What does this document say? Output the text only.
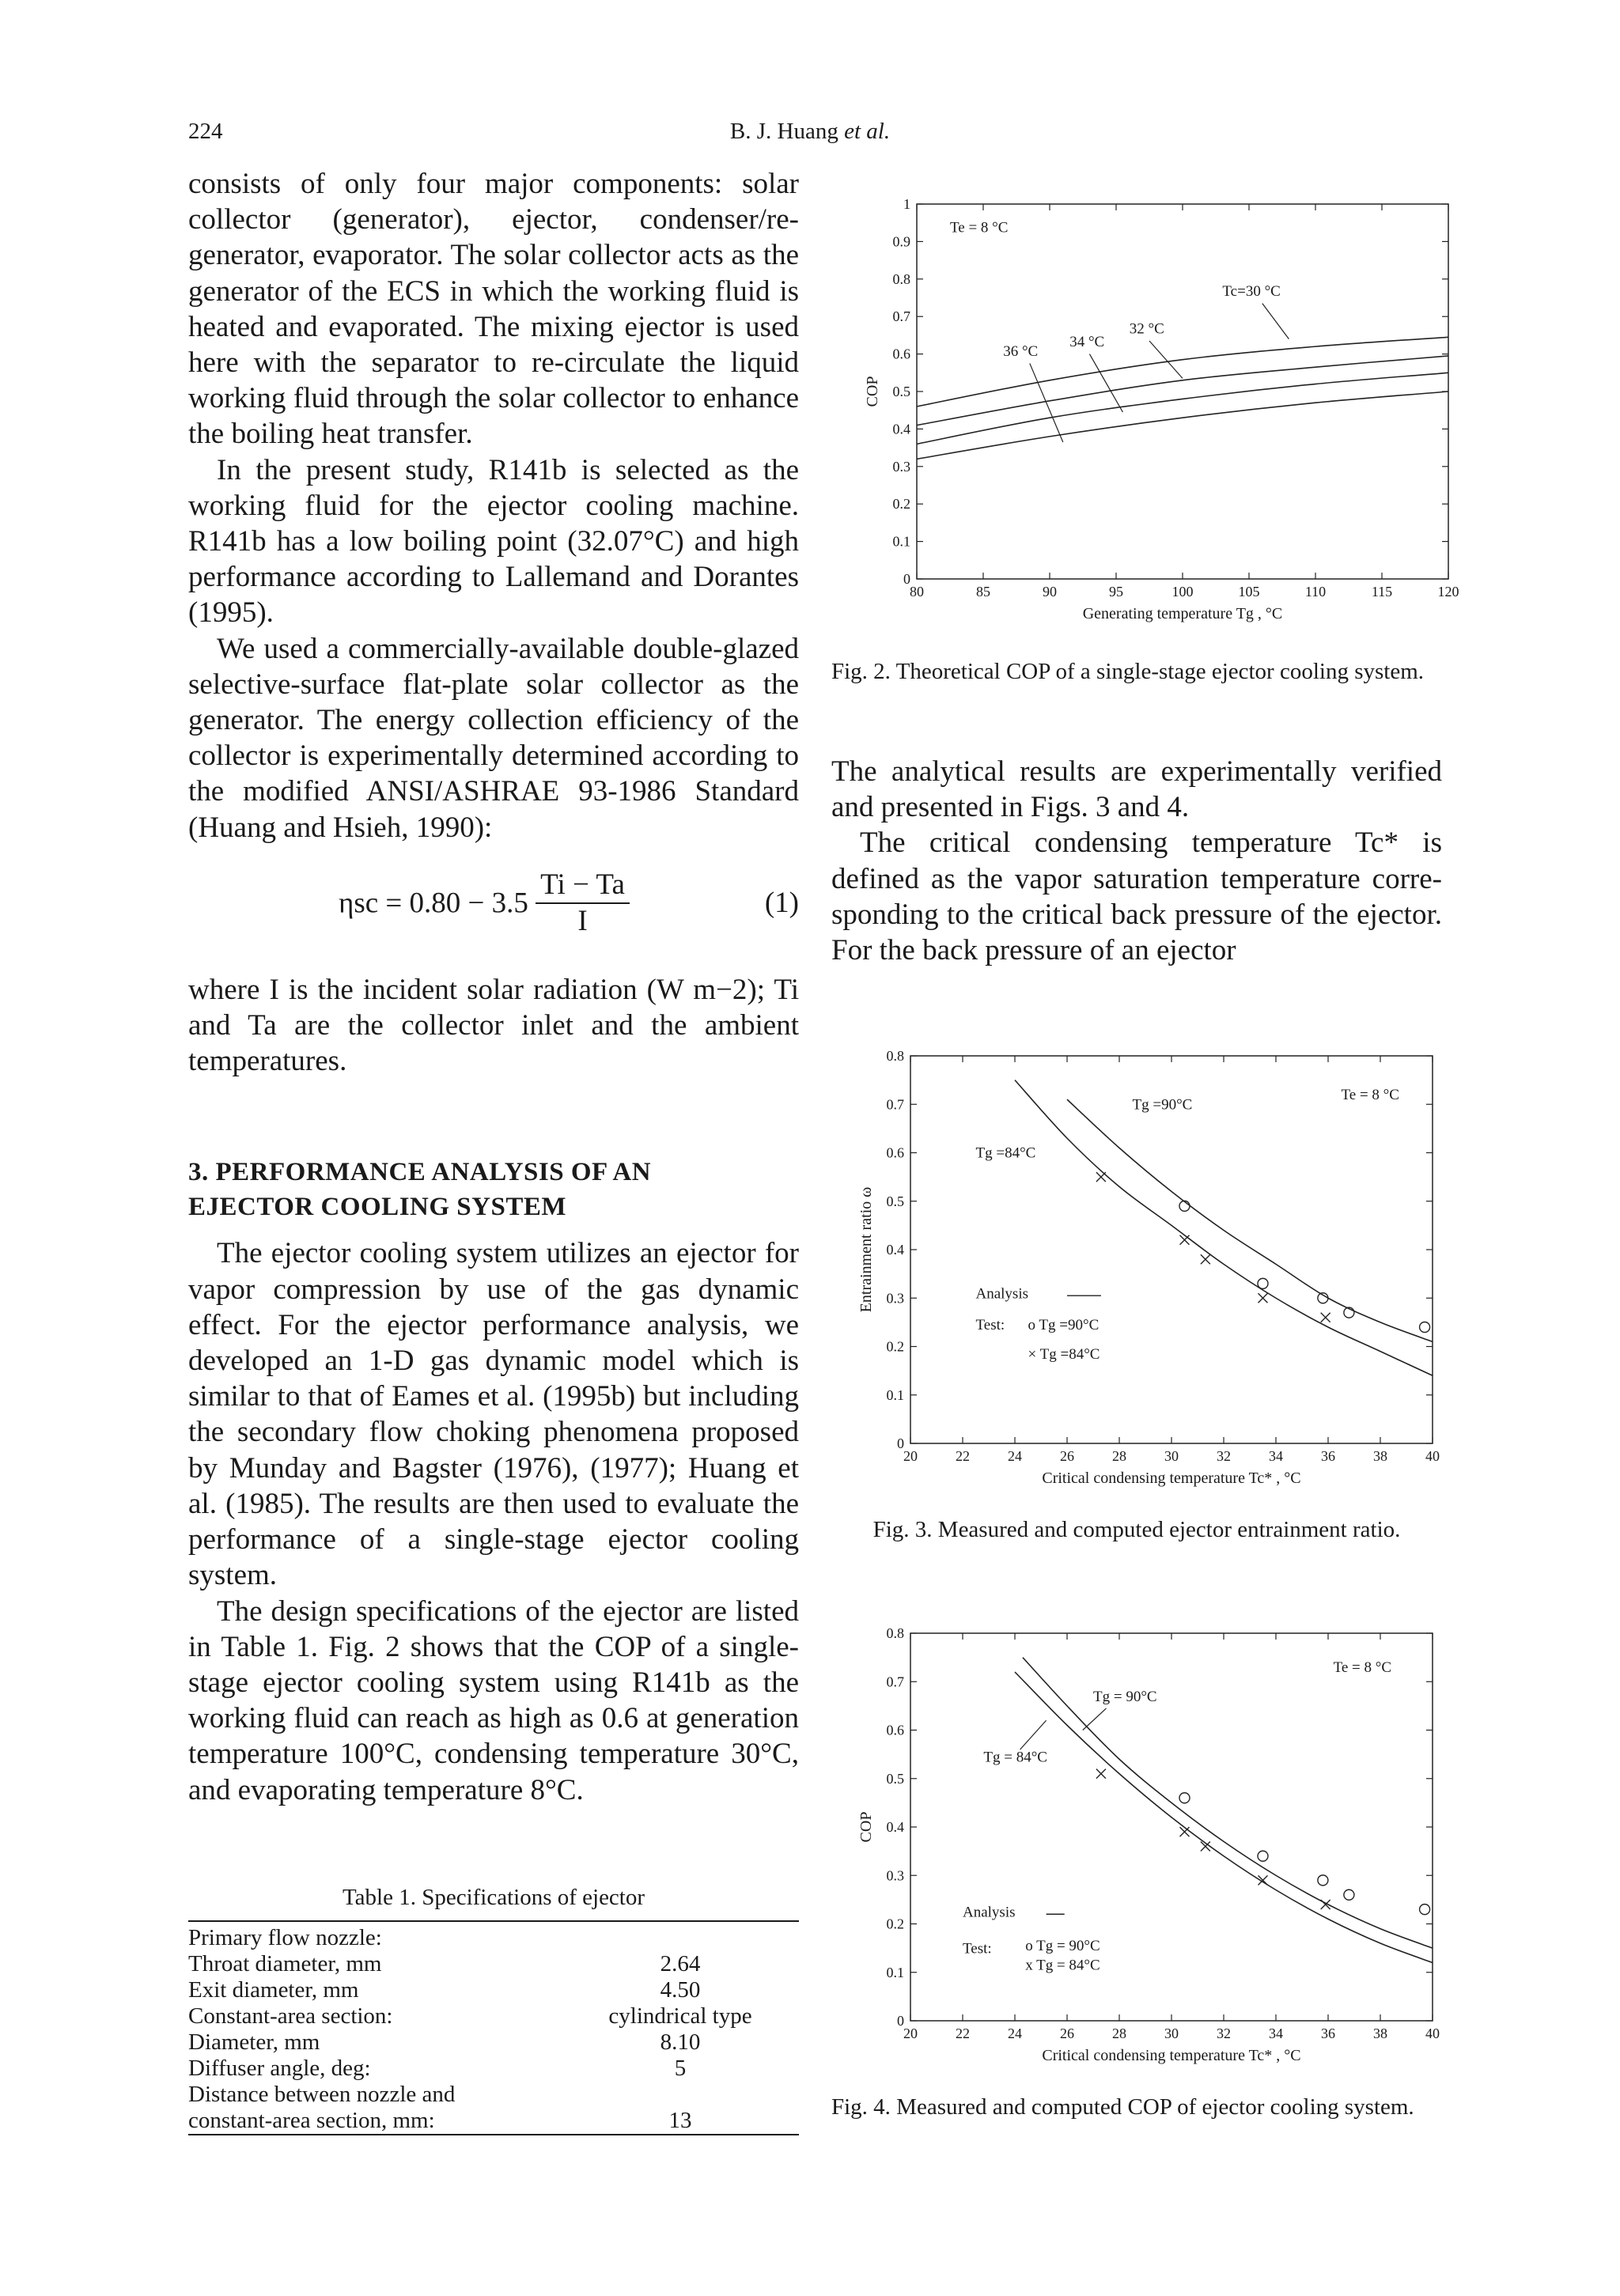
224	B. J. Huang et al.

consists of only four major components: solar collector (generator), ejector, condenser/re-generator, evaporator. The solar collector acts as the generator of the ECS in which the working fluid is heated and evaporated. The mixing ejector is used here with the separator to re-circulate the liquid working fluid through the solar collector to enhance the boiling heat transfer.

In the present study, R141b is selected as the working fluid for the ejector cooling machine. R141b has a low boiling point (32.07°C) and high performance according to Lallemand and Dorantes (1995).

We used a commercially-available double-glazed selective-surface flat-plate solar collector as the generator. The energy collection efficiency of the collector is experimentally determined according to the modified ANSI/ASHRAE 93-1986 Standard (Huang and Hsieh, 1990):

$\eta sc = 0.80 - 3.5 \frac{Ti - Ta}{I}$	(1)

where I is the incident solar radiation (W m−2); Ti and Ta are the collector inlet and the ambient temperatures.

3. PERFORMANCE ANALYSIS OF AN

EJECTOR COOLING SYSTEM

The ejector cooling system utilizes an ejector for vapor compression by use of the gas dynamic effect. For the ejector performance analysis, we developed an 1-D gas dynamic model which is similar to that of Eames et al. (1995b) but including the secondary flow choking phenomena proposed by Munday and Bagster (1976), (1977); Huang et al. (1985). The results are then used to evaluate the performance of a single-stage ejector cooling system.

The design specifications of the ejector are listed in Table 1. Fig. 2 shows that the COP of a single-stage ejector cooling system using R141b as the working fluid can reach as high as 0.6 at generation temperature 100°C, condensing temperature 30°C, and evaporating temperature 8°C.

Table 1. Specifications of ejector
Primary flow nozzle:	
Throat diameter, mm	2.64
Exit diameter, mm	4.50
Constant-area section:	cylindrical type
Diameter, mm	8.10
Diffuser angle, deg:	5
Distance between nozzle and	
constant-area section, mm:	13
80	85	90	95	100	105	110	115	120
0
0.1
0.2
0.3
0.4
0.5
0.6
0.7
0.8
0.9
1
Generating temperature Tg , °C
COP
Te = 8 °C
Tc=30 °C
32 °C
34 °C
36 °C
Fig. 2. Theoretical COP of a single-stage ejector cooling system.

The analytical results are experimentally verified and presented in Figs. 3 and 4.

The critical condensing temperature Tc* is defined as the vapor saturation temperature corre-sponding to the critical back pressure of the ejector. For the back pressure of an ejector

20	22	24	26	28	30	32	34	36	38	40
0
0.1
0.2
0.3
0.4
0.5
0.6
0.7
0.8
Critical condensing temperature Tc* , °C
Entrainment ratio ω
Tg =90°C
Tg =84°C
Te = 8 °C
Analysis
Test: o Tg =90°C
× Tg =84°C
Fig. 3. Measured and computed ejector entrainment ratio.
20	22	24	26	28	30	32	34	36	38	40
0
0.1
0.2
0.3
0.4
0.5
0.6
0.7
0.8
Critical condensing temperature Tc* , °C
COP
Tg = 90°C
Tg = 84°C
Te = 8 °C
Analysis
Test: o Tg = 90°C
x Tg = 84°C
Fig. 4. Measured and computed COP of ejector cooling system.
